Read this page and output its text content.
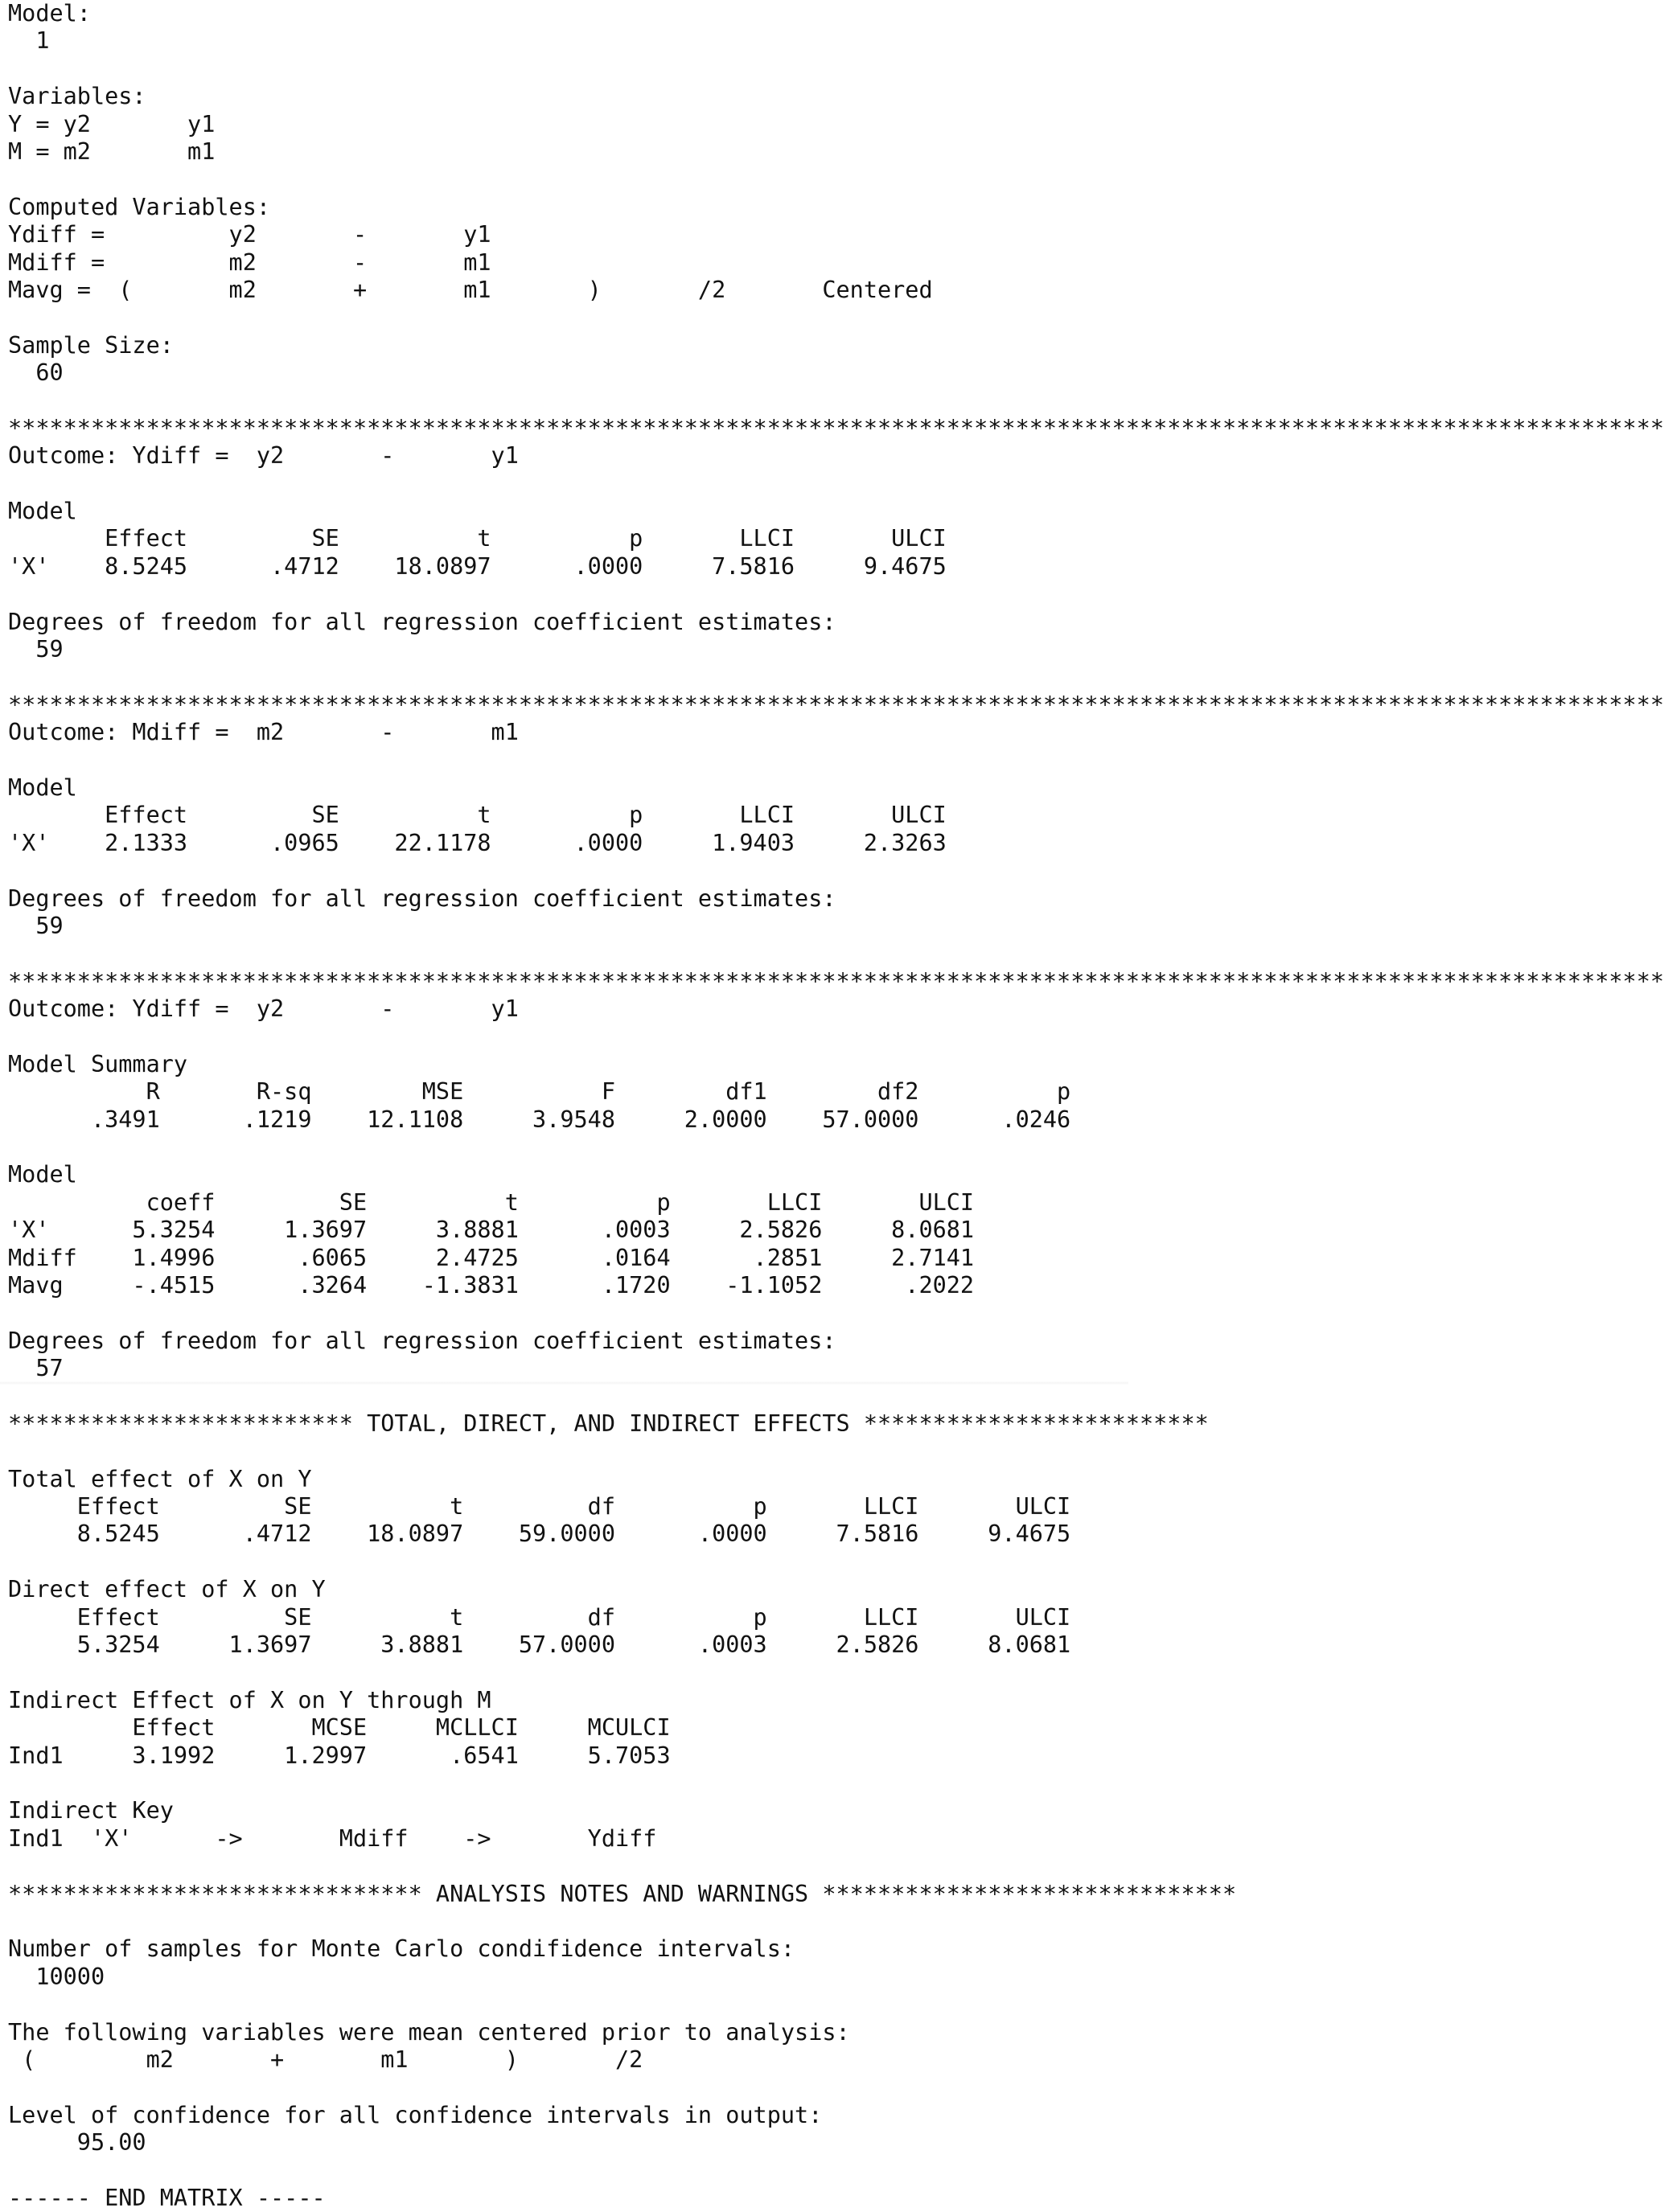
Model:
1
Variables:
Y = y2       y1
M = m2       m1
Computed Variables:
Ydiff =         y2       -       y1
Mdiff =         m2       -       m1
Mavg =  (       m2       +       m1       )       /2       Centered
Sample Size:
60
************************************************************************************************************************
Outcome: Ydiff =  y2       -       y1
Model
Effect         SE          t          p       LLCI       ULCI
'X'    8.5245      .4712    18.0897      .0000     7.5816     9.4675
Degrees of freedom for all regression coefficient estimates:
59
************************************************************************************************************************
Outcome: Mdiff =  m2       -       m1
Model
Effect         SE          t          p       LLCI       ULCI
'X'    2.1333      .0965    22.1178      .0000     1.9403     2.3263
Degrees of freedom for all regression coefficient estimates:
59
************************************************************************************************************************
Outcome: Ydiff =  y2       -       y1
Model Summary
R       R-sq        MSE          F        df1        df2          p
.3491      .1219    12.1108     3.9548     2.0000    57.0000      .0246
Model
coeff         SE          t          p       LLCI       ULCI
'X'      5.3254     1.3697     3.8881      .0003     2.5826     8.0681
Mdiff    1.4996      .6065     2.4725      .0164      .2851     2.7141
Mavg     -.4515      .3264    -1.3831      .1720    -1.1052      .2022
Degrees of freedom for all regression coefficient estimates:
57
************************* TOTAL, DIRECT, AND INDIRECT EFFECTS *************************
Total effect of X on Y
Effect         SE          t         df          p       LLCI       ULCI
8.5245      .4712    18.0897    59.0000      .0000     7.5816     9.4675
Direct effect of X on Y
Effect         SE          t         df          p       LLCI       ULCI
5.3254     1.3697     3.8881    57.0000      .0003     2.5826     8.0681
Indirect Effect of X on Y through M
Effect       MCSE     MCLLCI     MCULCI
Ind1     3.1992     1.2997      .6541     5.7053
Indirect Key
Ind1  'X'      ->       Mdiff    ->       Ydiff
****************************** ANALYSIS NOTES AND WARNINGS ******************************
Number of samples for Monte Carlo condifidence intervals:
10000
The following variables were mean centered prior to analysis:
(        m2       +       m1       )       /2
Level of confidence for all confidence intervals in output:
95.00
------ END MATRIX -----
